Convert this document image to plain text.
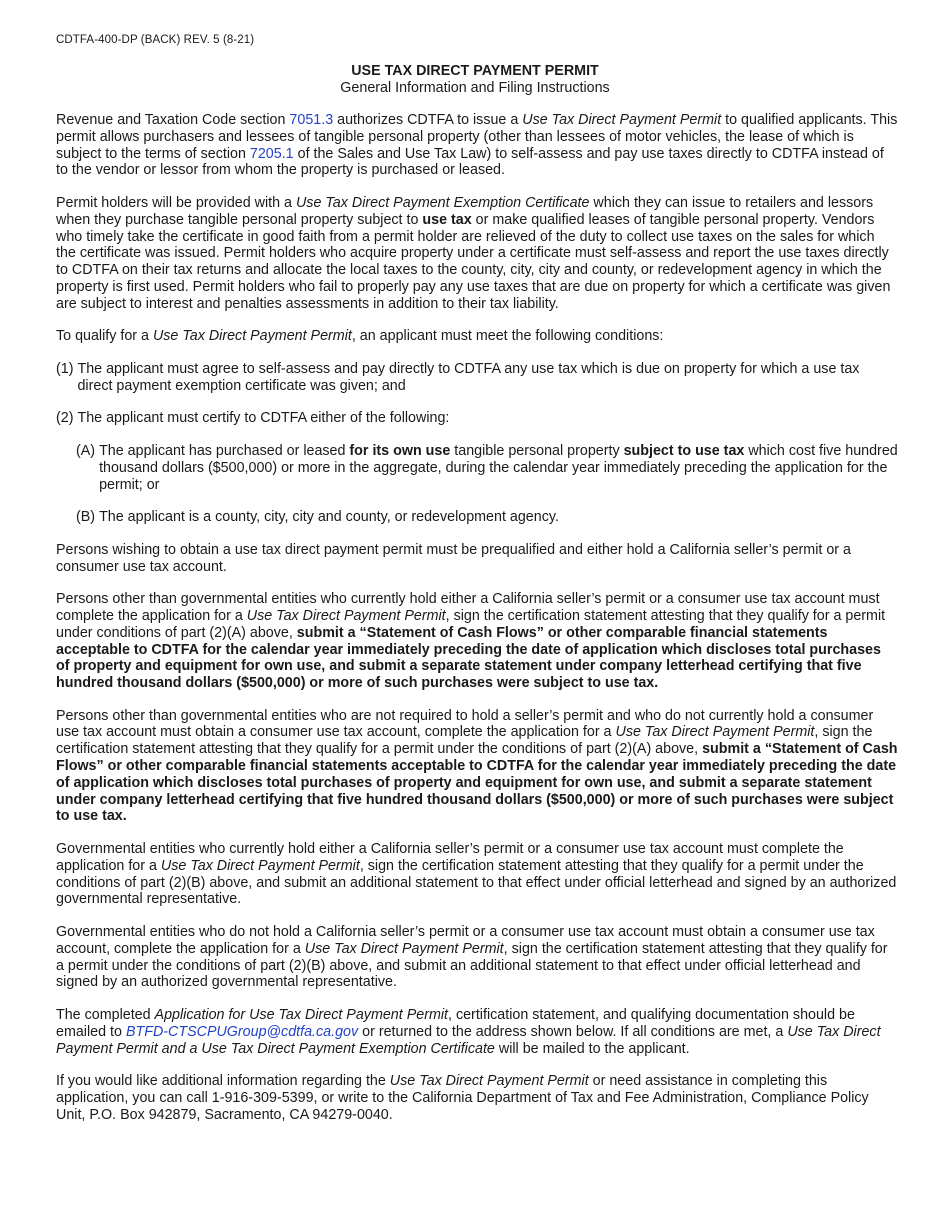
CDTFA-400-DP (BACK) REV. 5 (8-21)
USE TAX DIRECT PAYMENT PERMIT
General Information and Filing Instructions

Revenue and Taxation Code section 7051.3 authorizes CDTFA to issue a Use Tax Direct Payment Permit to qualified applicants. This permit allows purchasers and lessees of tangible personal property (other than lessees of motor vehicles, the lease of which is subject to the terms of section 7205.1 of the Sales and Use Tax Law) to self-assess and pay use taxes directly to CDTFA instead of to the vendor or lessor from whom the property is purchased or leased.

Permit holders will be provided with a Use Tax Direct Payment Exemption Certificate which they can issue to retailers and lessors when they purchase tangible personal property subject to use tax or make qualified leases of tangible personal property. Vendors who timely take the certificate in good faith from a permit holder are relieved of the duty to collect use taxes on the sales for which the certificate was issued. Permit holders who acquire property under a certificate must self-assess and report the use taxes directly to CDTFA on their tax returns and allocate the local taxes to the county, city, city and county, or redevelopment agency in which the property is first used. Permit holders who fail to properly pay any use taxes that are due on property for which a certificate was given are subject to interest and penalties assessments in addition to their tax liability.

To qualify for a Use Tax Direct Payment Permit, an applicant must meet the following conditions:

(1) The applicant must agree to self-assess and pay directly to CDTFA any use tax which is due on property for which a use tax direct payment exemption certificate was given; and
(2) The applicant must certify to CDTFA either of the following:
(A) The applicant has purchased or leased for its own use tangible personal property subject to use tax which cost five hundred thousand dollars ($500,000) or more in the aggregate, during the calendar year immediately preceding the application for the permit; or
(B) The applicant is a county, city, city and county, or redevelopment agency.

Persons wishing to obtain a use tax direct payment permit must be prequalified and either hold a California seller’s permit or a consumer use tax account.

Persons other than governmental entities who currently hold either a California seller’s permit or a consumer use tax account must complete the application for a Use Tax Direct Payment Permit, sign the certification statement attesting that they qualify for a permit under conditions of part (2)(A) above, submit a “Statement of Cash Flows” or other comparable financial statements acceptable to CDTFA for the calendar year immediately preceding the date of application which discloses total purchases of property and equipment for own use, and submit a separate statement under company letterhead certifying that five hundred thousand dollars ($500,000) or more of such purchases were subject to use tax.

Persons other than governmental entities who are not required to hold a seller’s permit and who do not currently hold a consumer use tax account must obtain a consumer use tax account, complete the application for a Use Tax Direct Payment Permit, sign the certification statement attesting that they qualify for a permit under the conditions of part (2)(A) above, submit a “Statement of Cash Flows” or other comparable financial statements acceptable to CDTFA for the calendar year immediately preceding the date of application which discloses total purchases of property and equipment for own use, and submit a separate statement under company letterhead certifying that five hundred thousand dollars ($500,000) or more of such purchases were subject to use tax.

Governmental entities who currently hold either a California seller’s permit or a consumer use tax account must complete the application for a Use Tax Direct Payment Permit, sign the certification statement attesting that they qualify for a permit under the conditions of part (2)(B) above, and submit an additional statement to that effect under official letterhead and signed by an authorized governmental representative.

Governmental entities who do not hold a California seller’s permit or a consumer use tax account must obtain a consumer use tax account, complete the application for a Use Tax Direct Payment Permit, sign the certification statement attesting that they qualify for a permit under the conditions of part (2)(B) above, and submit an additional statement to that effect under official letterhead and signed by an authorized governmental representative.

The completed Application for Use Tax Direct Payment Permit, certification statement, and qualifying documentation should be emailed to BTFD-CTSCPUGroup@cdtfa.ca.gov or returned to the address shown below. If all conditions are met, a Use Tax Direct Payment Permit and a Use Tax Direct Payment Exemption Certificate will be mailed to the applicant.

If you would like additional information regarding the Use Tax Direct Payment Permit or need assistance in completing this application, you can call 1-916-309-5399, or write to the California Department of Tax and Fee Administration, Compliance Policy Unit, P.O. Box 942879, Sacramento, CA 94279-0040.
